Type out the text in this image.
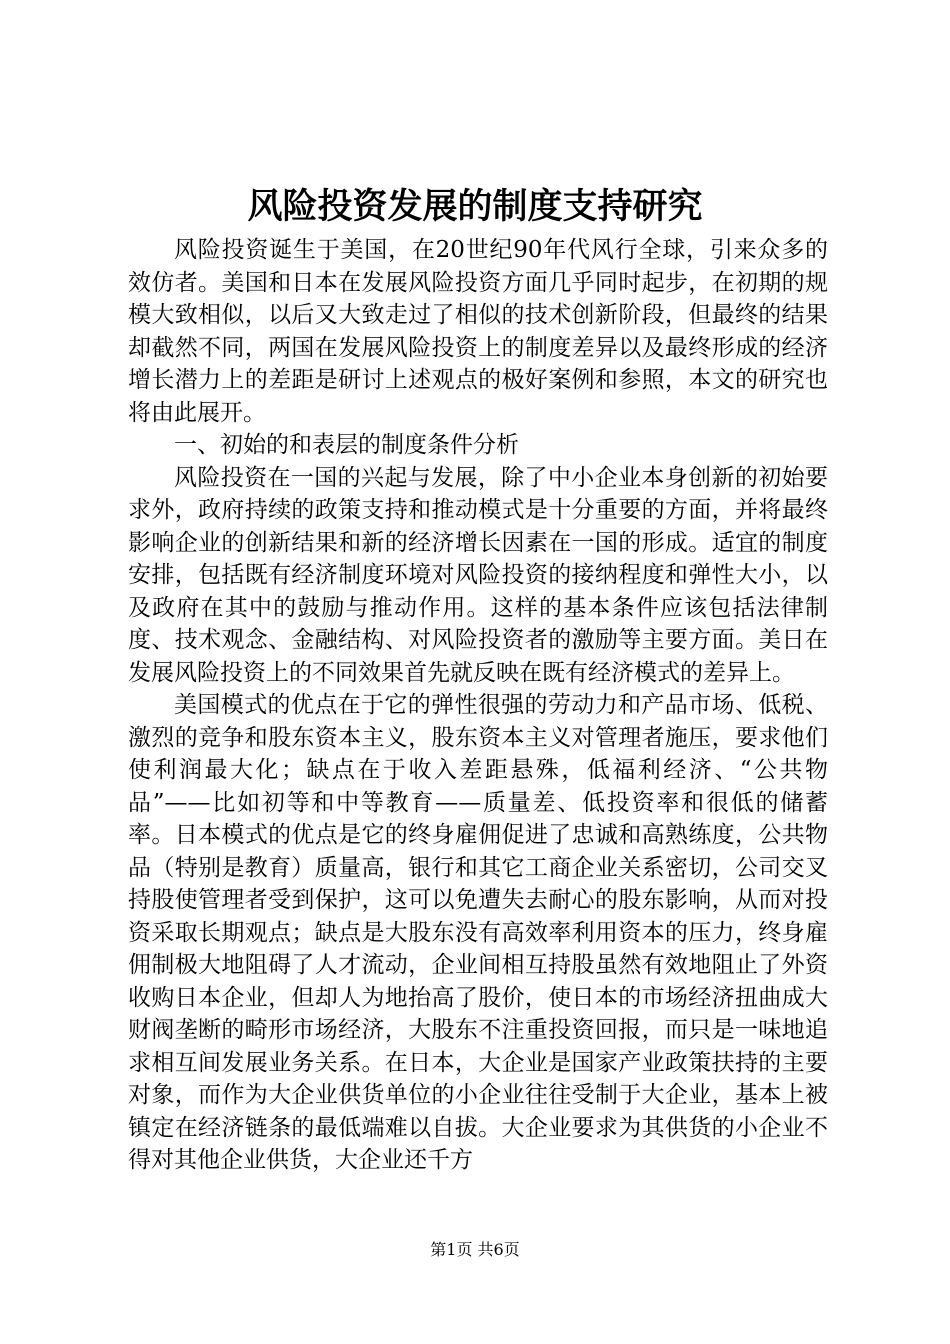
风险投资发展的制度支持研究

风险投资诞生于美国，在20世纪90年代风行全球，引来众多的效仿者。美国和日本在发展风险投资方面几乎同时起步，在初期的规模大致相似，以后又大致走过了相似的技术创新阶段，但最终的结果却截然不同，两国在发展风险投资上的制度差异以及最终形成的经济增长潜力上的差距是研讨上述观点的极好案例和参照，本文的研究也将由此展开。

一、初始的和表层的制度条件分析

风险投资在一国的兴起与发展，除了中小企业本身创新的初始要求外，政府持续的政策支持和推动模式是十分重要的方面，并将最终影响企业的创新结果和新的经济增长因素在一国的形成。适宜的制度安排，包括既有经济制度环境对风险投资的接纳程度和弹性大小，以及政府在其中的鼓励与推动作用。这样的基本条件应该包括法律制度、技术观念、金融结构、对风险投资者的激励等主要方面。美日在发展风险投资上的不同效果首先就反映在既有经济模式的差异上。

美国模式的优点在于它的弹性很强的劳动力和产品市场、低税、激烈的竞争和股东资本主义，股东资本主义对管理者施压，要求他们使利润最大化；缺点在于收入差距悬殊，低福利经济、“公共物品”——比如初等和中等教育——质量差、低投资率和很低的储蓄率。日本模式的优点是它的终身雇佣促进了忠诚和高熟练度，公共物品（特别是教育）质量高，银行和其它工商企业关系密切，公司交叉持股使管理者受到保护，这可以免遭失去耐心的股东影响，从而对投资采取长期观点；缺点是大股东没有高效率利用资本的压力，终身雇佣制极大地阻碍了人才流动，企业间相互持股虽然有效地阻止了外资收购日本企业，但却人为地抬高了股价，使日本的市场经济扭曲成大财阀垄断的畸形市场经济，大股东不注重投资回报，而只是一味地追求相互间发展业务关系。在日本，大企业是国家产业政策扶持的主要对象，而作为大企业供货单位的小企业往往受制于大企业，基本上被镇定在经济链条的最低端难以自拔。大企业要求为其供货的小企业不得对其他企业供货，大企业还千方

第1页 共6页
